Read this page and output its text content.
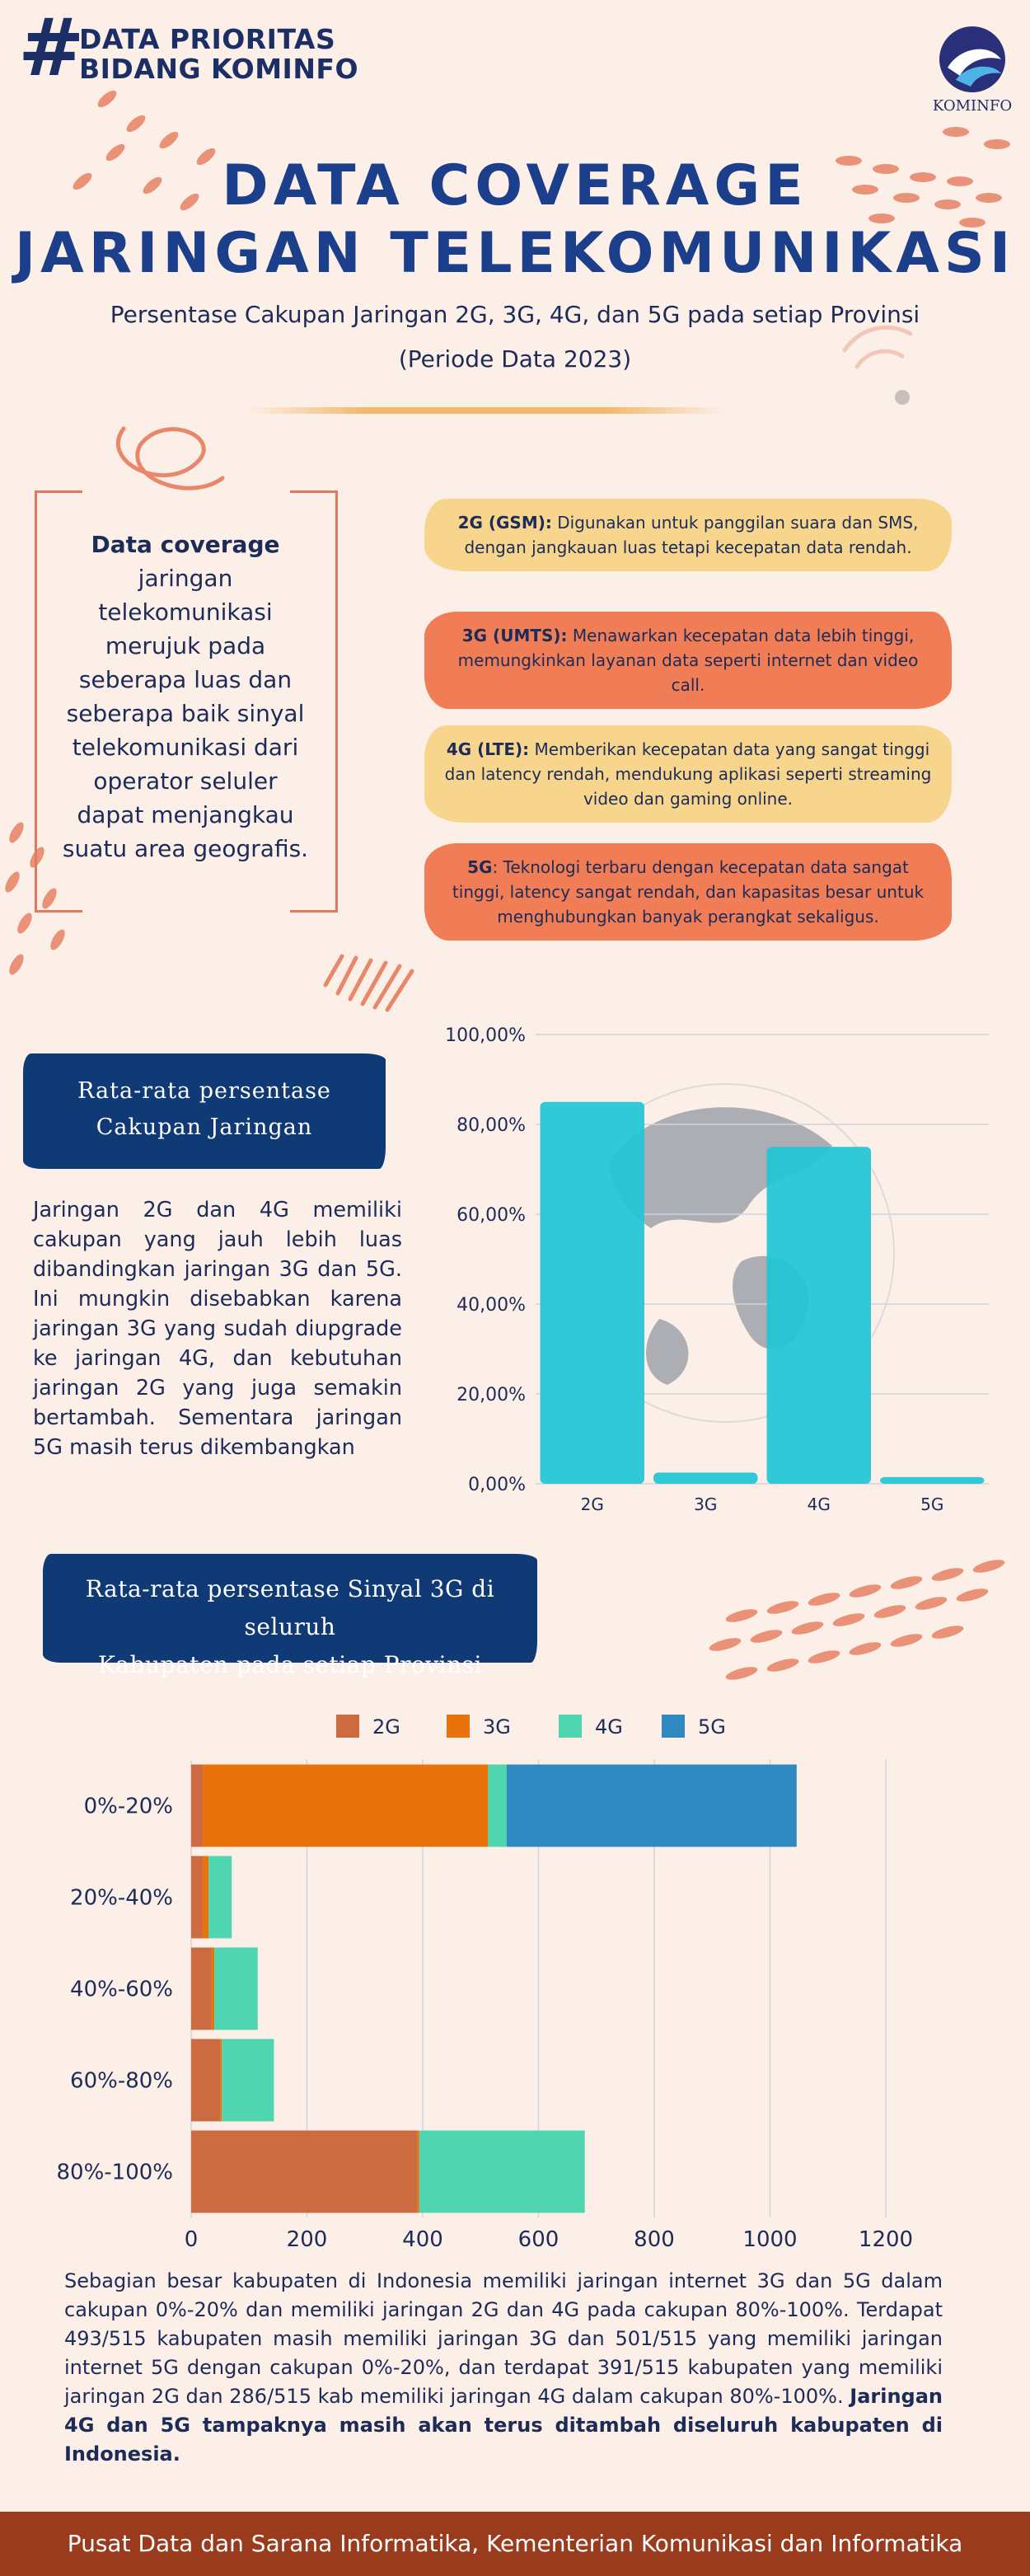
#
DATA PRIORITAS
BIDANG KOMINFO
KOMINFO
DATA COVERAGE
JARINGAN TELEKOMUNIKASI
Persentase Cakupan Jaringan 2G, 3G, 4G, dan 5G pada setiap Provinsi
(Periode Data 2023)
Data coverage jaringan telekomunikasi merujuk pada seberapa luas dan seberapa baik sinyal telekomunikasi dari operator seluler dapat menjangkau suatu area geografis.
2G (GSM): Digunakan untuk panggilan suara dan SMS, dengan jangkauan luas tetapi kecepatan data rendah.
3G (UMTS): Menawarkan kecepatan data lebih tinggi, memungkinkan layanan data seperti internet dan video call.
4G (LTE): Memberikan kecepatan data yang sangat tinggi dan latency rendah, mendukung aplikasi seperti streaming video dan gaming online.
5G: Teknologi terbaru dengan kecepatan data sangat tinggi, latency sangat rendah, dan kapasitas besar untuk menghubungkan banyak perangkat sekaligus.
Rata-rata persentase
Cakupan Jaringan
Jaringan 2G dan 4G memiliki cakupan yang jauh lebih luas dibandingkan jaringan 3G dan 5G. Ini mungkin disebabkan karena jaringan 3G yang sudah diupgrade ke jaringan 4G, dan kebutuhan jaringan 2G yang juga semakin bertambah. Sementara jaringan 5G masih terus dikembangkan
0,00%
20,00%
40,00%
60,00%
80,00%
100,00%
2G	3G	4G	5G
Rata-rata persentase Sinyal 3G di seluruh
Kabupaten pada setiap Provinsi
2G	3G	4G	5G
0%-20%
20%-40%
40%-60%
60%-80%
80%-100%
0	200	400	600	800	1000	1200
Sebagian besar kabupaten di Indonesia memiliki jaringan internet 3G dan 5G dalam cakupan 0%-20% dan memiliki jaringan 2G dan 4G pada cakupan 80%-100%. Terdapat 493/515 kabupaten masih memiliki jaringan 3G dan 501/515 yang memiliki jaringan internet 5G dengan cakupan 0%-20%, dan terdapat 391/515 kabupaten yang memiliki jaringan 2G dan 286/515 kab memiliki jaringan 4G dalam cakupan 80%-100%. Jaringan 4G dan 5G tampaknya masih akan terus ditambah diseluruh kabupaten di Indonesia.
Pusat Data dan Sarana Informatika, Kementerian Komunikasi dan Informatika
